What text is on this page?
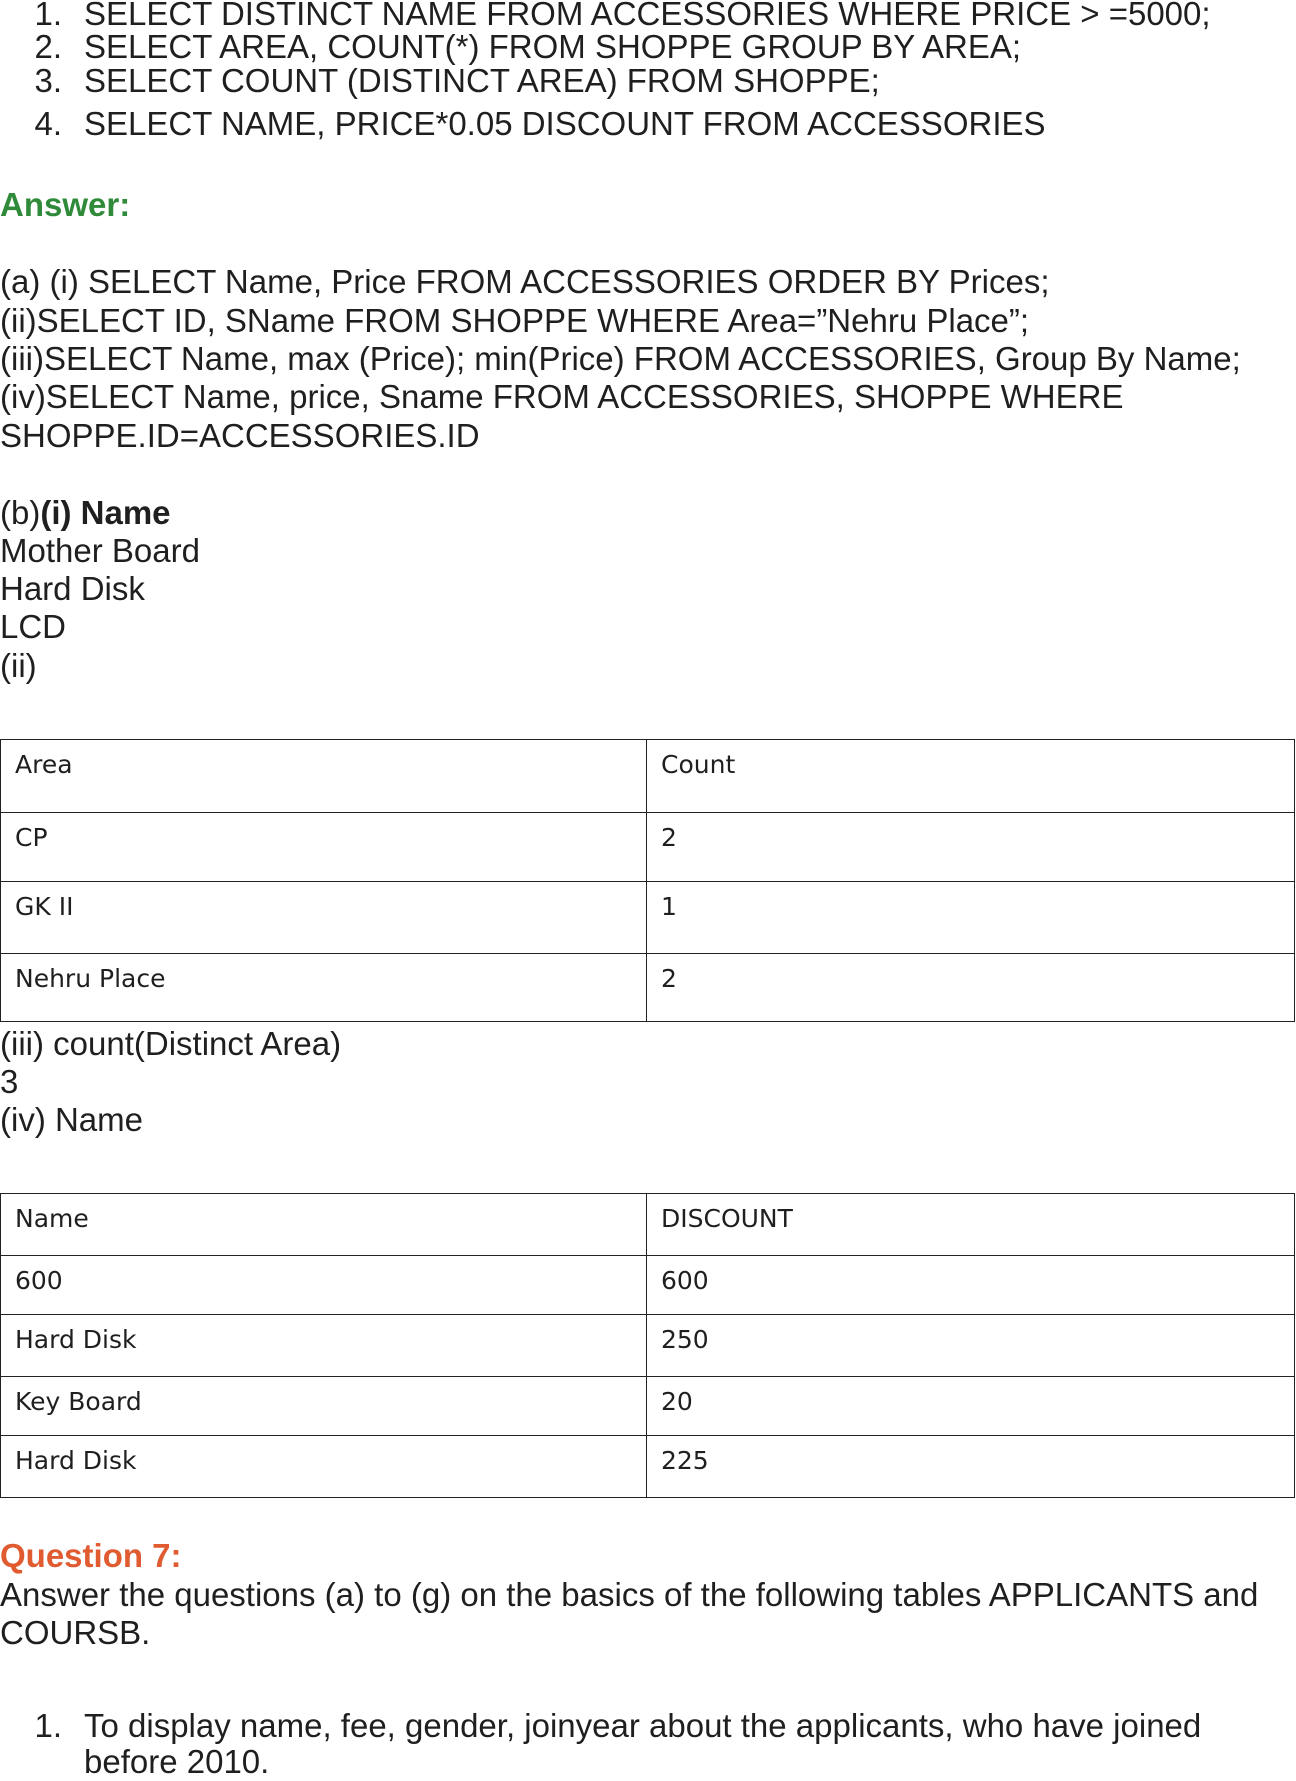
1. SELECT DISTINCT NAME FROM ACCESSORIES WHERE PRICE > =5000;
2. SELECT AREA, COUNT(*) FROM SHOPPE GROUP BY AREA;
3. SELECT COUNT (DISTINCT AREA) FROM SHOPPE;
4. SELECT NAME, PRICE*0.05 DISCOUNT FROM ACCESSORIES
Answer:
(a) (i) SELECT Name, Price FROM ACCESSORIES ORDER BY Prices;
(ii)SELECT ID, SName FROM SHOPPE WHERE Area=”Nehru Place”;
(iii)SELECT Name, max (Price); min(Price) FROM ACCESSORIES, Group By Name;
(iv)SELECT Name, price, Sname FROM ACCESSORIES, SHOPPE WHERE
SHOPPE.ID=ACCESSORIES.ID
(b)(i) Name
Mother Board
Hard Disk
LCD
(ii)
Area	Count
CP	2
GK II	1
Nehru Place	2
(iii) count(Distinct Area)
3
(iv) Name
Name	DISCOUNT
600	600
Hard Disk	250
Key Board	20
Hard Disk	225
Question 7:
Answer the questions (a) to (g) on the basics of the following tables APPLICANTS and
COURSB.
1. To display name, fee, gender, joinyear about the applicants, who have joined
before 2010.
